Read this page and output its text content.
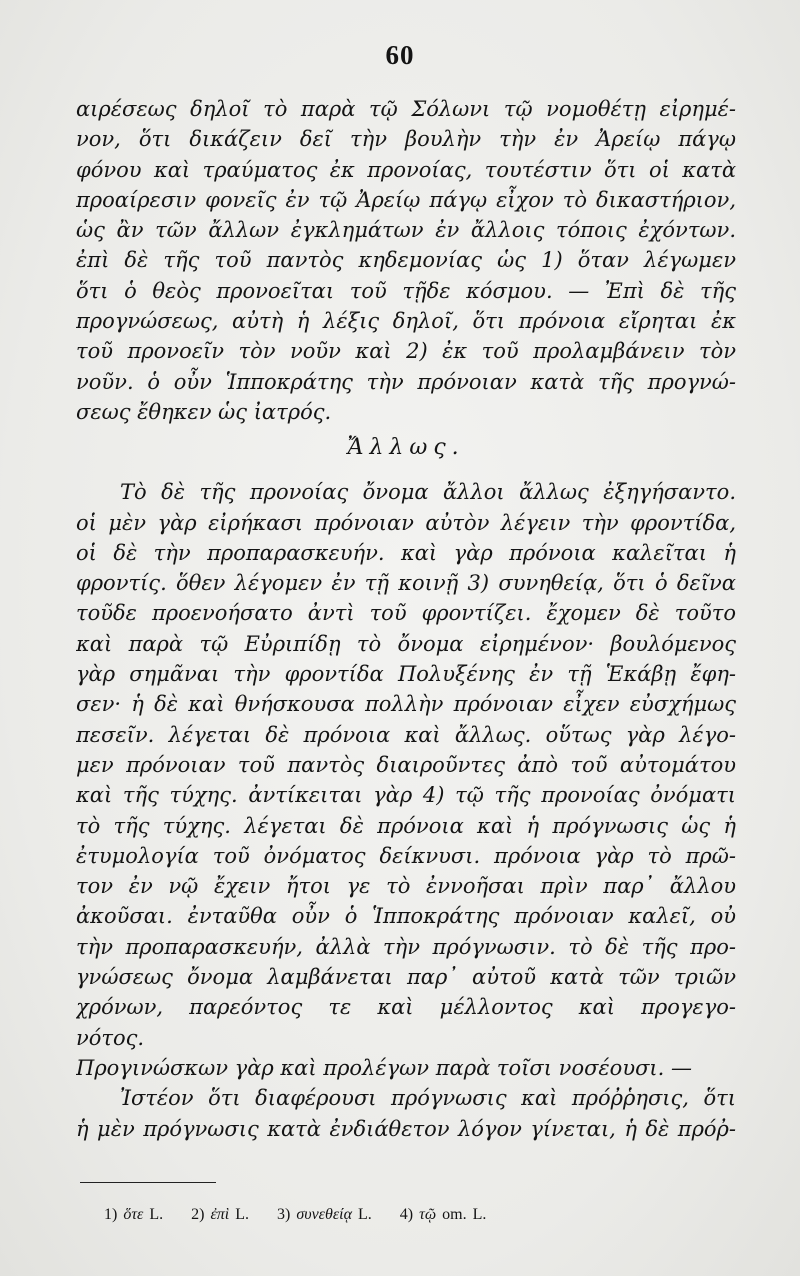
60
αιρέσεως δηλοῖ τὸ παρὰ τῷ Σόλωνι τῷ νομοθέτῃ εἰρημέ-
νον, ὅτι δικάζειν δεῖ τὴν βουλὴν τὴν ἐν Ἀρείῳ πάγῳ
φόνου καὶ τραύματος ἐκ προνοίας, τουτέστιν ὅτι οἱ κατὰ
προαίρεσιν φονεῖς ἐν τῷ Ἀρείῳ πάγῳ εἶχον τὸ δικαστήριον,
ὡς ἂν τῶν ἄλλων ἐγκλημάτων ἐν ἄλλοις τόποις ἐχόντων.
ἐπὶ δὲ τῆς τοῦ παντὸς κηδεμονίας ὡς 1) ὅταν λέγωμεν
ὅτι ὁ θεὸς προνοεῖται τοῦ τῇδε κόσμου. — Ἐπὶ δὲ τῆς
προγνώσεως, αὐτὴ ἡ λέξις δηλοῖ, ὅτι πρόνοια εἴρηται ἐκ
τοῦ προνοεῖν τὸν νοῦν καὶ 2) ἐκ τοῦ προλαμβάνειν τὸν
νοῦν. ὁ οὖν Ἱπποκράτης τὴν πρόνοιαν κατὰ τῆς προγνώ-
σεως ἔθηκεν ὡς ἰατρός.
Ἄλλως.
Τὸ δὲ τῆς προνοίας ὄνομα ἄλλοι ἄλλως ἐξηγήσαντο.
οἱ μὲν γὰρ εἰρήκασι πρόνοιαν αὐτὸν λέγειν τὴν φροντίδα,
οἱ δὲ τὴν προπαρασκευήν. καὶ γὰρ πρόνοια καλεῖται ἡ
φροντίς. ὅθεν λέγομεν ἐν τῇ κοινῇ 3) συνηθείᾳ, ὅτι ὁ δεῖνα
τοῦδε προενοήσατο ἀντὶ τοῦ φροντίζει. ἔχομεν δὲ τοῦτο
καὶ παρὰ τῷ Εὐριπίδῃ τὸ ὄνομα εἰρημένον· βουλόμενος
γὰρ σημᾶναι τὴν φροντίδα Πολυξένης ἐν τῇ Ἑκάβῃ ἔφη-
σεν· ἡ δὲ καὶ θνήσκουσα πολλὴν πρόνοιαν εἶχεν εὐσχήμως
πεσεῖν. λέγεται δὲ πρόνοια καὶ ἄλλως. οὕτως γὰρ λέγο-
μεν πρόνοιαν τοῦ παντὸς διαιροῦντες ἀπὸ τοῦ αὐτομάτου
καὶ τῆς τύχης. ἀντίκειται γὰρ 4) τῷ τῆς προνοίας ὀνόματι
τὸ τῆς τύχης. λέγεται δὲ πρόνοια καὶ ἡ πρόγνωσις ὡς ἡ
ἐτυμολογία τοῦ ὀνόματος δείκνυσι. πρόνοια γὰρ τὸ πρῶ-
τον ἐν νῷ ἔχειν ἤτοι γε τὸ ἐννοῆσαι πρὶν παρ᾽ ἄλλου
ἀκοῦσαι. ἐνταῦθα οὖν ὁ Ἱπποκράτης πρόνοιαν καλεῖ, οὐ
τὴν προπαρασκευήν, ἀλλὰ τὴν πρόγνωσιν. τὸ δὲ τῆς προ-
γνώσεως ὄνομα λαμβάνεται παρ᾽ αὐτοῦ κατὰ τῶν τριῶν
χρόνων, παρεόντος τε καὶ μέλλοντος καὶ προγεγο-
νότος.
Προγινώσκων γὰρ καὶ προλέγων παρὰ τοῖσι νοσέουσι. —
Ἰστέον ὅτι διαφέρουσι πρόγνωσις καὶ πρόῤῥησις, ὅτι
ἡ μὲν πρόγνωσις κατὰ ἐνδιάθετον λόγον γίνεται, ἡ δὲ πρόῤ-
1) ὅτε L. 2) ἐπὶ L. 3) συνεθείᾳ L. 4) τῷ om. L.
